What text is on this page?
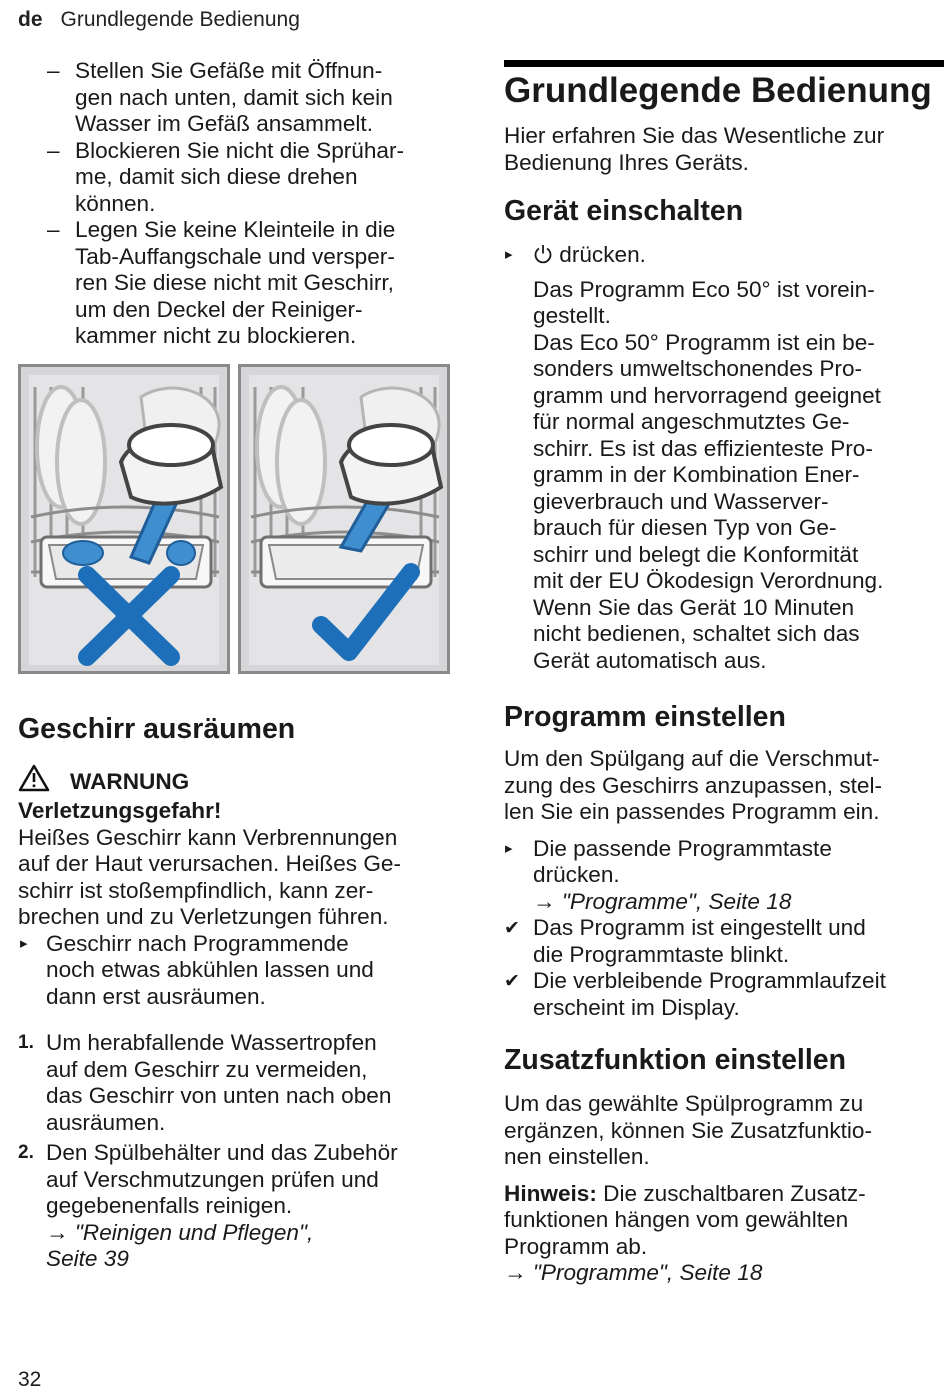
de Grundlegende Bedienung
– Stellen Sie Gefäße mit Öffnun-
gen nach unten, damit sich kein
Wasser im Gefäß ansammelt.

– Blockieren Sie nicht die Sprühar-
me, damit sich diese drehen
können.

– Legen Sie keine Kleinteile in die
Tab-Auffangschale und versper-
ren Sie diese nicht mit Geschirr,
um den Deckel der Reiniger-
kammer nicht zu blockieren.

Geschirr ausräumen
WARNUNG

Verletzungsgefahr!

Heißes Geschirr kann Verbrennungen
auf der Haut verursachen. Heißes Ge-
schirr ist stoßempfindlich, kann zer-
brechen und zu Verletzungen führen.

▸ Geschirr nach Programmende
noch etwas abkühlen lassen und
dann erst ausräumen.

1. Um herabfallende Wassertropfen
auf dem Geschirr zu vermeiden,
das Geschirr von unten nach oben
ausräumen.

2. Den Spülbehälter und das Zubehör
auf Verschmutzungen prüfen und
gegebenenfalls reinigen.

→ "Reinigen und Pflegen",
Seite 39

Grundlegende Bedienung

Hier erfahren Sie das Wesentliche zur
Bedienung Ihres Geräts.

Gerät einschalten
▸ drücken.

Das Programm Eco 50° ist vorein-
gestellt.
Das Eco 50° Programm ist ein be-
sonders umweltschonendes Pro-
gramm und hervorragend geeignet
für normal angeschmutztes Ge-
schirr. Es ist das effizienteste Pro-
gramm in der Kombination Ener-
gieverbrauch und Wasserver-
brauch für diesen Typ von Ge-
schirr und belegt die Konformität
mit der EU Ökodesign Verordnung.
Wenn Sie das Gerät 10 Minuten
nicht bedienen, schaltet sich das
Gerät automatisch aus.

Programm einstellen

Um den Spülgang auf die Verschmut-
zung des Geschirrs anzupassen, stel-
len Sie ein passendes Programm ein.

▸ Die passende Programmtaste
drücken.

→ "Programme", Seite 18

✔ Das Programm ist eingestellt und
die Programmtaste blinkt.

✔ Die verbleibende Programmlaufzeit
erscheint im Display.

Zusatzfunktion einstellen

Um das gewählte Spülprogramm zu
ergänzen, können Sie Zusatzfunktio-
nen einstellen.

Hinweis: Die zuschaltbaren Zusatz-
funktionen hängen vom gewählten
Programm ab.

→ "Programme", Seite 18

32
